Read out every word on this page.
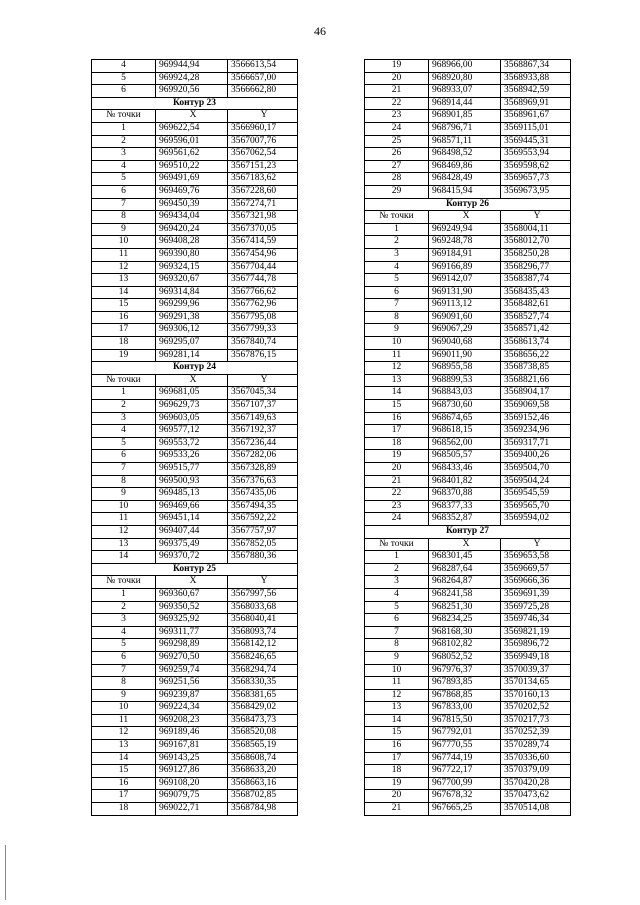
46
4	969944,94	3566613,54
5	969924,28	3566657,00
6	969920,56	3566662,80
Контур 23		
№ точки	X	Y
1	969622,54	3566960,17
2	969596,01	3567007,76
3	969561,62	3567062,54
4	969510,22	3567151,23
5	969491,69	3567183,62
6	969469,76	3567228,60
7	969450,39	3567274,71
8	969434,04	3567321,98
9	969420,24	3567370,05
10	969408,28	3567414,59
11	969390,80	3567454,96
12	969324,15	3567704,44
13	969320,67	3567744,78
14	969314,84	3567766,62
15	969299,96	3567762,96
16	969291,38	3567795,08
17	969306,12	3567799,33
18	969295,07	3567840,74
19	969281,14	3567876,15
Контур 24		
№ точки	X	Y
1	969681,05	3567045,34
2	969629,73	3567107,37
3	969603,05	3567149,63
4	969577,12	3567192,37
5	969553,72	3567236,44
6	969533,26	3567282,06
7	969515,77	3567328,89
8	969500,93	3567376,63
9	969485,13	3567435,06
10	969469,66	3567494,35
11	969451,14	3567592,22
12	969407,44	3567757,97
13	969375,49	3567852,05
14	969370,72	3567880,36
Контур 25		
№ точки	X	Y
1	969360,67	3567997,56
2	969350,52	3568033,68
3	969325,92	3568040,41
4	969311,77	3568093,74
5	969298,89	3568142,12
6	969270,50	3568246,65
7	969259,74	3568294,74
8	969251,56	3568330,35
9	969239,87	3568381,65
10	969224,34	3568429,02
11	969208,23	3568473,73
12	969189,46	3568520,08
13	969167,81	3568565,19
14	969143,25	3568608,74
15	969127,86	3568633,20
16	969108,20	3568663,16
17	969079,75	3568702,85
18	969022,71	3568784,98
19	968966,00	3568867,34
20	968920,80	3568933,88
21	968933,07	3568942,59
22	968914,44	3568969,91
23	968901,85	3568961,67
24	968796,71	3569115,01
25	968571,11	3569445,31
26	968498,52	3569553,94
27	968469,86	3569598,62
28	968428,49	3569657,73
29	968415,94	3569673,95
Контур 26		
№ точки	X	Y
1	969249,94	3568004,11
2	969248,78	3568012,70
3	969184,91	3568250,28
4	969166,89	3568296,77
5	969142,07	3568387,74
6	969131,90	3568435,43
7	969113,12	3568482,61
8	969091,60	3568527,74
9	969067,29	3568571,42
10	969040,68	3568613,74
11	969011,90	3568656,22
12	968955,58	3568738,85
13	968899,53	3568821,66
14	968843,03	3568904,17
15	968730,60	3569069,58
16	968674,65	3569152,46
17	968618,15	3569234,96
18	968562,00	3569317,71
19	968505,57	3569400,26
20	968433,46	3569504,70
21	968401,82	3569504,24
22	968370,88	3569545,59
23	968377,33	3569565,70
24	968352,87	3569594,02
Контур 27		
№ точки	X	Y
1	968301,45	3569653,58
2	968287,64	3569669,57
3	968264,87	3569666,36
4	968241,58	3569691,39
5	968251,30	3569725,28
6	968234,25	3569746,34
7	968168,30	3569821,19
8	968102,82	3569896,72
9	968052,52	3569949,18
10	967976,37	3570039,37
11	967893,85	3570134,65
12	967868,85	3570160,13
13	967833,00	3570202,52
14	967815,50	3570217,73
15	967792,01	3570252,39
16	967770,55	3570289,74
17	967744,19	3570336,60
18	967722,17	3570379,09
19	967700,99	3570420,28
20	967678,32	3570473,62
21	967665,25	3570514,08
